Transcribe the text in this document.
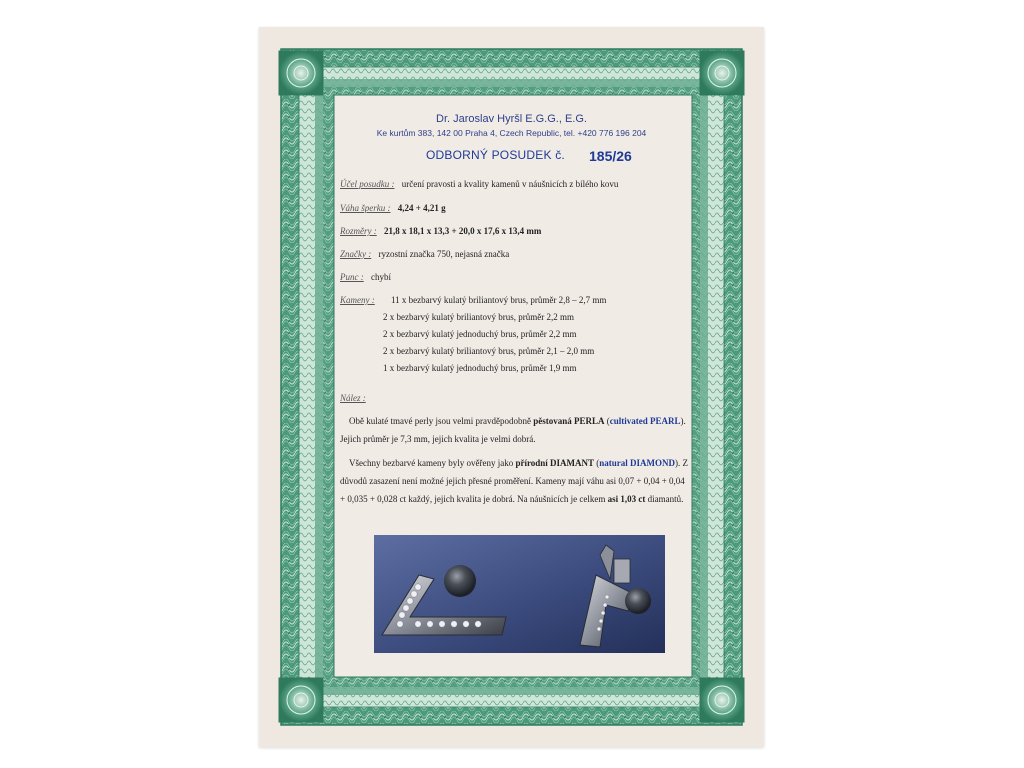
Dr. Jaroslav Hyršl E.G.G., E.G.
Ke kurtům 383, 142 00 Praha 4, Czech Republic, tel. +420 776 196 204
ODBORNÝ POSUDEK č. 185/26
Účel posudku : určení pravosti a kvality kamenů v náušnicích z bílého kovu
Váha šperku : 4,24 + 4,21 g
Rozměry : 21,8 x 18,1 x 13,3 + 20,0 x 17,6 x 13,4 mm
Značky : ryzostní značka 750, nejasná značka
Punc : chybí
Kameny : 11 x bezbarvý kulatý briliantový brus, průměr 2,8 – 2,7 mm
2 x bezbarvý kulatý briliantový brus, průměr 2,2 mm
2 x bezbarvý kulatý jednoduchý brus, průměr 2,2 mm
2 x bezbarvý kulatý briliantový brus, průměr 2,1 – 2,0 mm
1 x bezbarvý kulatý jednoduchý brus, průměr 1,9 mm
Nález :
Obě kulaté tmavé perly jsou velmi pravděpodobně pěstovaná PERLA (cultivated PEARL). Jejich průměr je 7,3 mm, jejich kvalita je velmi dobrá.
Všechny bezbarvé kameny byly ověřeny jako přírodní DIAMANT (natural DIAMOND). Z důvodů zasazení není možné jejich přesné proměření. Kameny mají váhu asi 0,07 + 0,04 + 0,04 + 0,035 + 0,028 ct každý, jejich kvalita je dobrá. Na náušnicích je celkem asi 1,03 ct diamantů.
